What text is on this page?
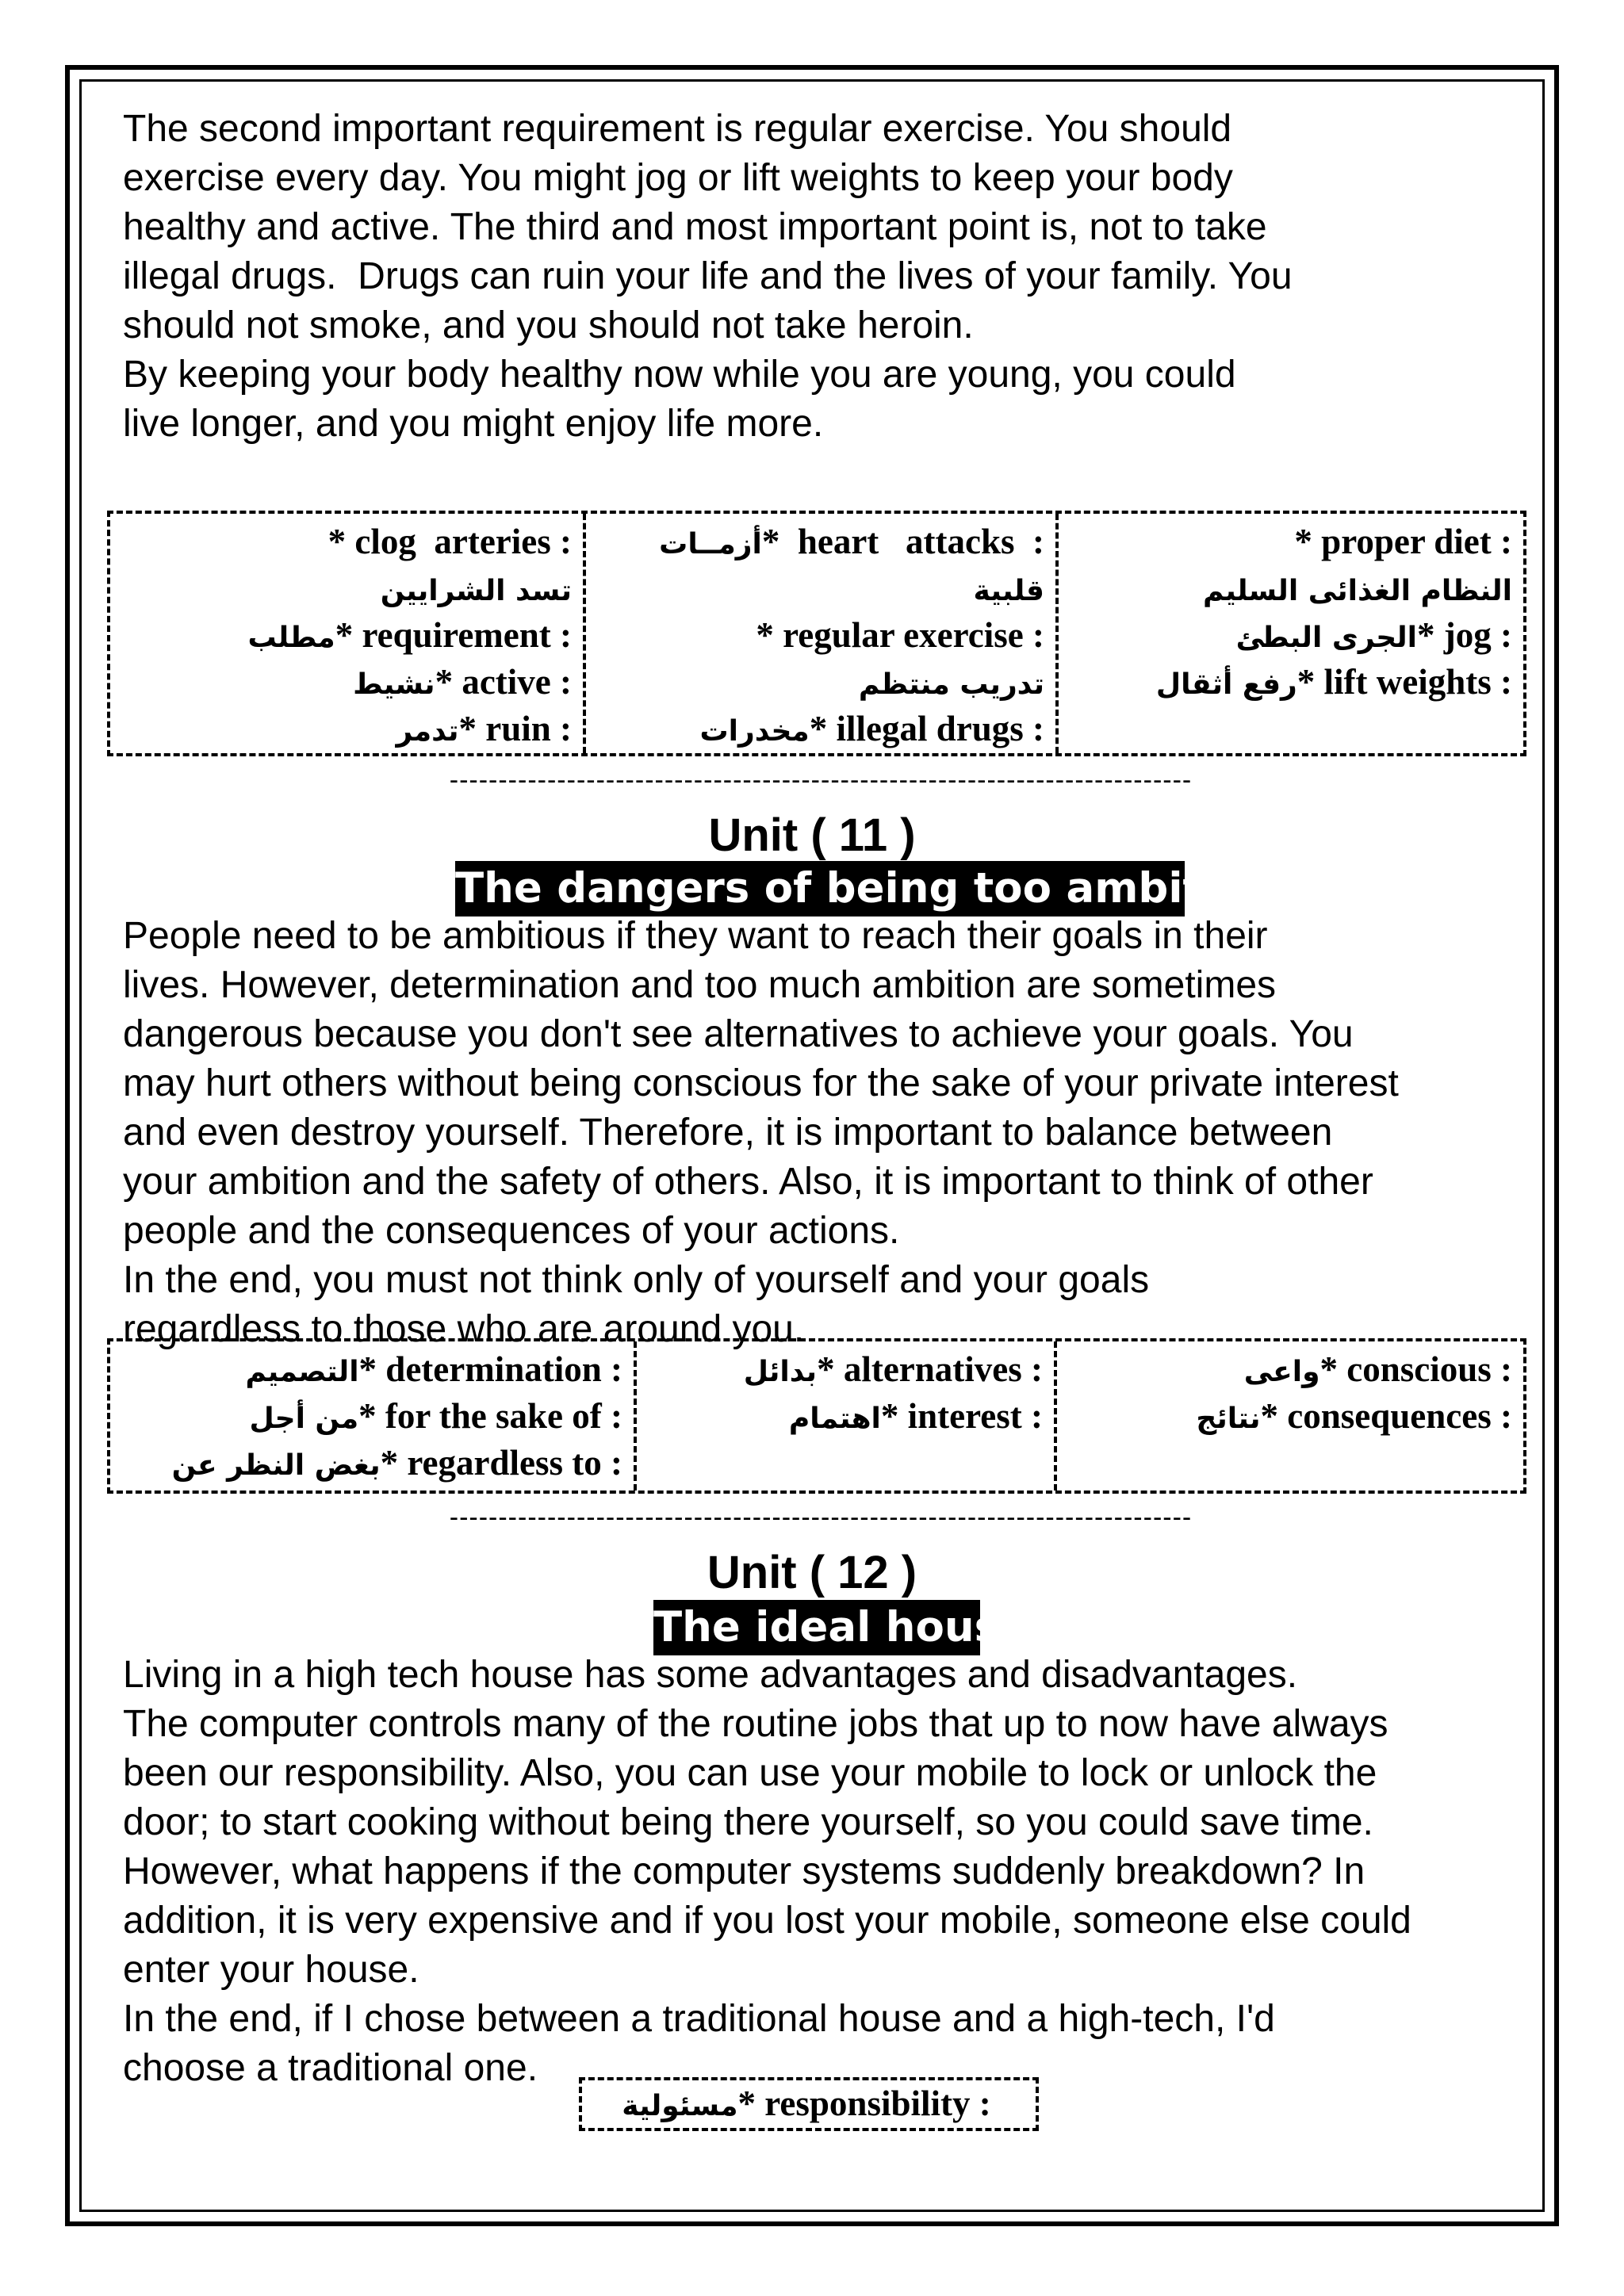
The second important requirement is regular exercise. You should
exercise every day. You might jog or lift weights to keep your body
healthy and active. The third and most important point is, not to take
illegal drugs.  Drugs can ruin your life and the lives of your family. You
should not smoke, and you should not take heroin.
By keeping your body healthy now while you are young, you could
live longer, and you might enjoy life more.

* clog  arteries :
تسد الشرايين
مطلب* requirement :
نشيط* active :
تدمر* ruin :
أزمــات*  heart   attacks  :
قلبية
* regular exercise :
تدريب منتظم
مخدرات* illegal drugs :
* proper diet :
النظام الغذائى السليم
الجرى البطئ* jog :
رفع أثقال* lift weights :
----------------------------------------------------------------------------
Unit ( 11 )
The dangers of being too ambitious

People need to be ambitious if they want to reach their goals in their
lives. However, determination and too much ambition are sometimes
dangerous because you don't see alternatives to achieve your goals. You
may hurt others without being conscious for the sake of your private interest
and even destroy yourself. Therefore, it is important to balance between
your ambition and the safety of others. Also, it is important to think of other
people and the consequences of your actions.
In the end, you must not think only of yourself and your goals
regardless to those who are around you.

التصميم* determination :
من أجل* for the sake of :
بغض النظر عن* regardless to :
بدائل* alternatives :
اهتمام* interest :
واعى* conscious :
نتائج* consequences :
----------------------------------------------------------------------------
Unit ( 12 )
The ideal house

Living in a high tech house has some advantages and disadvantages.
The computer controls many of the routine jobs that up to now have always
been our responsibility. Also, you can use your mobile to lock or unlock the
door; to start cooking without being there yourself, so you could save time.
However, what happens if the computer systems suddenly breakdown? In
addition, it is very expensive and if you lost your mobile, someone else could
enter your house.
In the end, if I chose between a traditional house and a high-tech, I'd
choose a traditional one.

مسئولية* responsibility :
